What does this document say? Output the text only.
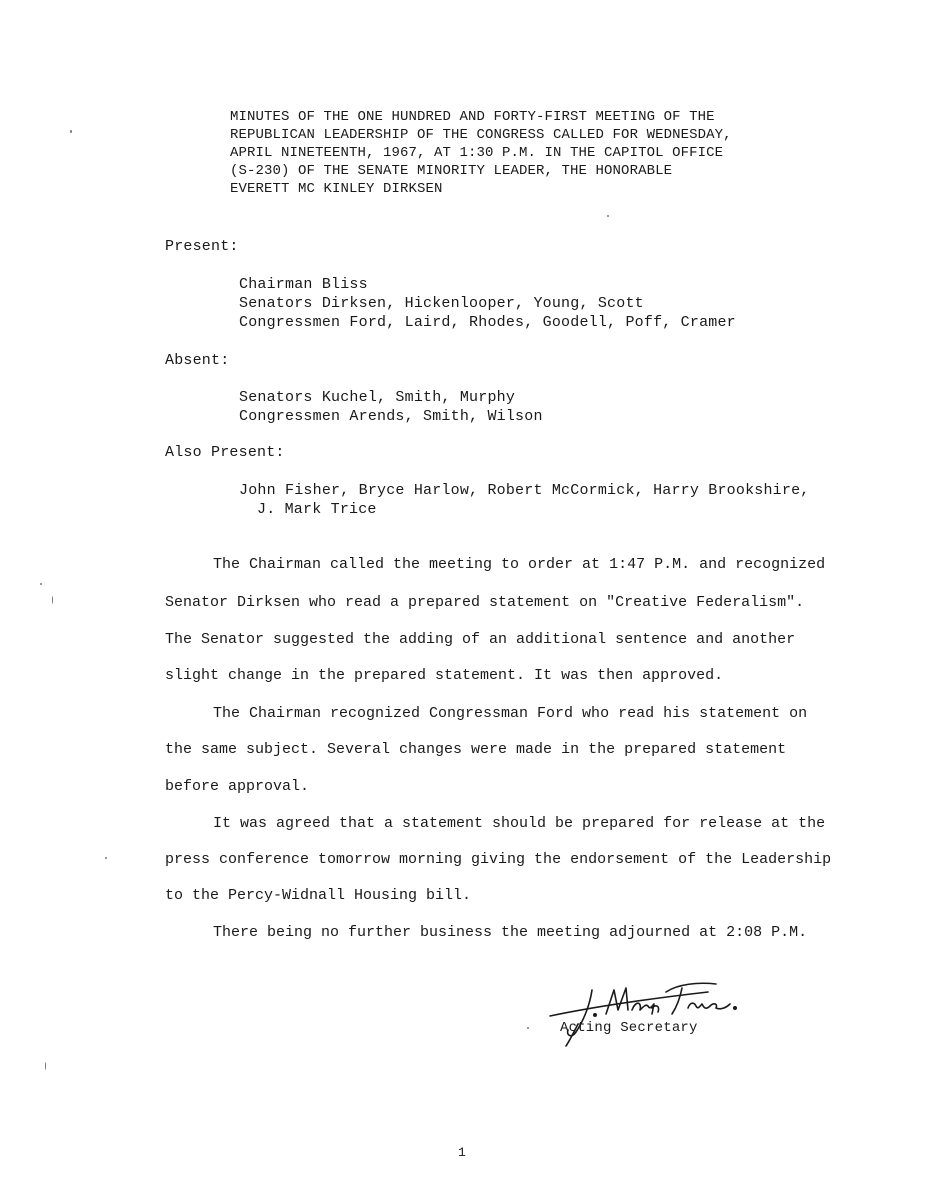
MINUTES OF THE ONE HUNDRED AND FORTY-FIRST MEETING OF THE
REPUBLICAN LEADERSHIP OF THE CONGRESS CALLED FOR WEDNESDAY,
APRIL NINETEENTH, 1967, AT 1:30 P.M. IN THE CAPITOL OFFICE
(S-230) OF THE SENATE MINORITY LEADER, THE HONORABLE
EVERETT MC KINLEY DIRKSEN
Present:
Chairman Bliss
Senators Dirksen, Hickenlooper, Young, Scott
Congressmen Ford, Laird, Rhodes, Goodell, Poff, Cramer
Absent:
Senators Kuchel, Smith, Murphy
Congressmen Arends, Smith, Wilson
Also Present:
John Fisher, Bryce Harlow, Robert McCormick, Harry Brookshire,
J. Mark Trice
The Chairman called the meeting to order at 1:47 P.M. and recognized
Senator Dirksen who read a prepared statement on "Creative Federalism".
The Senator suggested the adding of an additional sentence and another
slight change in the prepared statement. It was then approved.
The Chairman recognized Congressman Ford who read his statement on
the same subject. Several changes were made in the prepared statement
before approval.
It was agreed that a statement should be prepared for release at the
press conference tomorrow morning giving the endorsement of the Leadership
to the Percy-Widnall Housing bill.
There being no further business the meeting adjourned at 2:08 P.M.
Acting Secretary
1
